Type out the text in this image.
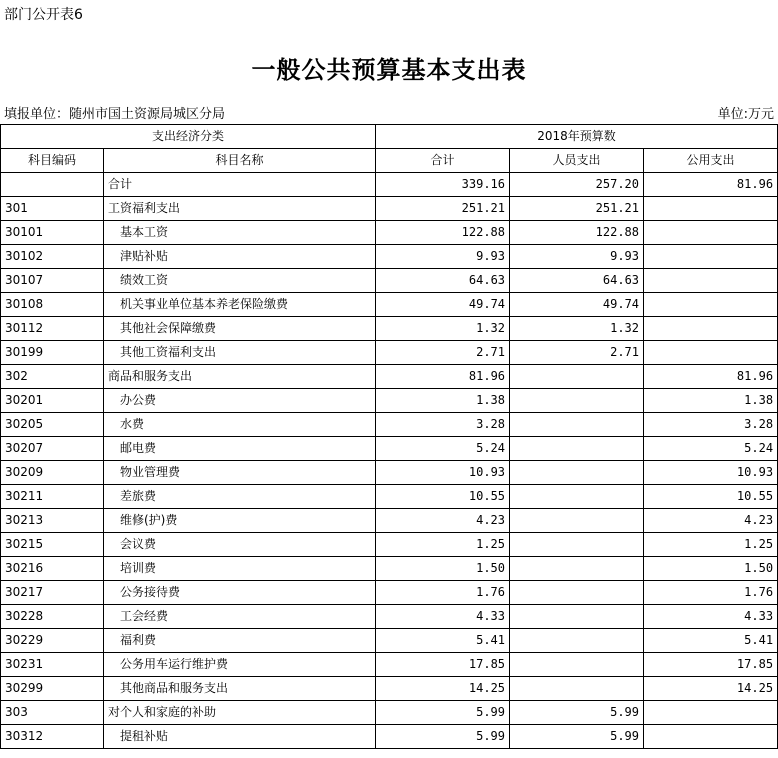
部门公开表6
一般公共预算基本支出表
填报单位：随州市国土资源局城区分局	单位:万元
支出经济分类		2018年预算数		
科目编码	科目名称	合计	人员支出	公用支出
	合计	339.16	257.20	81.96
301	工资福利支出	251.21	251.21	
30101	基本工资	122.88	122.88	
30102	津贴补贴	9.93	9.93	
30107	绩效工资	64.63	64.63	
30108	机关事业单位基本养老保险缴费	49.74	49.74	
30112	其他社会保障缴费	1.32	1.32	
30199	其他工资福利支出	2.71	2.71	
302	商品和服务支出	81.96		81.96
30201	办公费	1.38		1.38
30205	水费	3.28		3.28
30207	邮电费	5.24		5.24
30209	物业管理费	10.93		10.93
30211	差旅费	10.55		10.55
30213	维修(护)费	4.23		4.23
30215	会议费	1.25		1.25
30216	培训费	1.50		1.50
30217	公务接待费	1.76		1.76
30228	工会经费	4.33		4.33
30229	福利费	5.41		5.41
30231	公务用车运行维护费	17.85		17.85
30299	其他商品和服务支出	14.25		14.25
303	对个人和家庭的补助	5.99	5.99	
30312	提租补贴	5.99	5.99	
